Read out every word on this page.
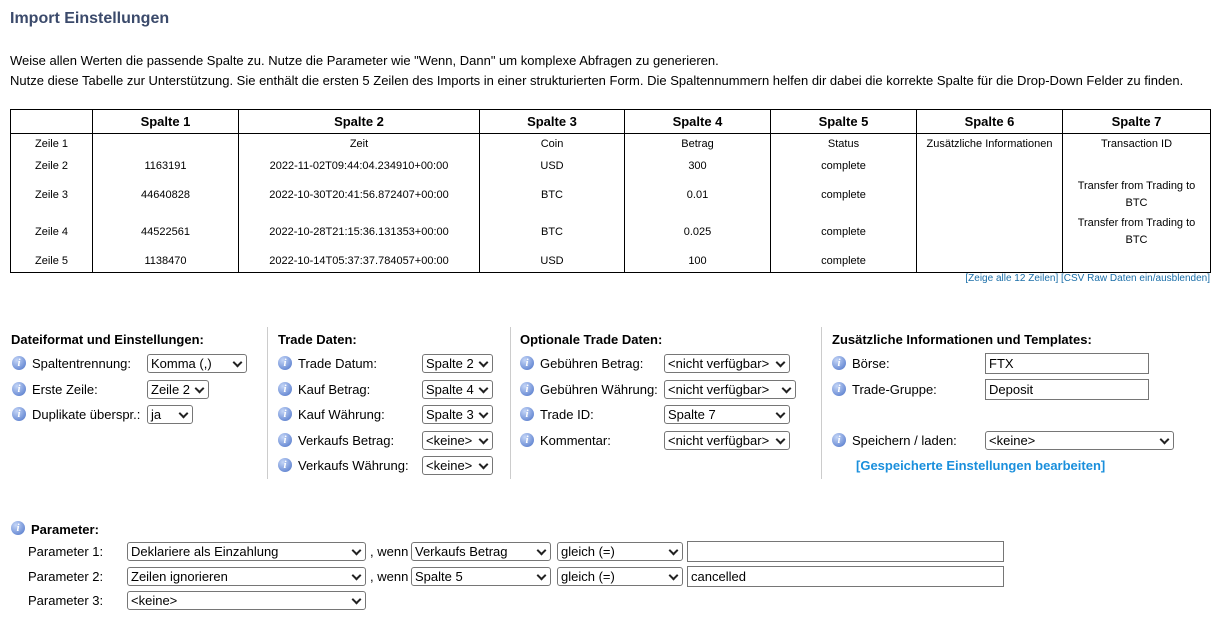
Import Einstellungen
Weise allen Werten die passende Spalte zu. Nutze die Parameter wie "Wenn, Dann" um komplexe Abfragen zu generieren.
Nutze diese Tabelle zur Unterstützung. Sie enthält die ersten 5 Zeilen des Imports in einer strukturierten Form. Die Spaltennummern helfen dir dabei die korrekte Spalte für die Drop-Down Felder zu finden.
	Spalte 1	Spalte 2	Spalte 3	Spalte 4	Spalte 5	Spalte 6	Spalte 7
Zeile 1		Zeit	Coin	Betrag	Status	Zusätzliche Informationen	Transaction ID
Zeile 2	1163191	2022-11-02T09:44:04.234910+00:00	USD	300	complete		
Zeile 3	44640828	2022-10-30T20:41:56.872407+00:00	BTC	0.01	complete		Transfer from Trading to BTC
Zeile 4	44522561	2022-10-28T21:15:36.131353+00:00	BTC	0.025	complete		Transfer from Trading to BTC
Zeile 5	1138470	2022-10-14T05:37:37.784057+00:00	USD	100	complete		
[Zeige alle 12 Zeilen] [CSV Raw Daten ein/ausblenden]
Dateiformat und Einstellungen:	Trade Daten:	Optionale Trade Daten:	Zusätzliche Informationen und Templates:
i Spaltentrennung:	Komma (,)
i Erste Zeile:	Zeile 2
i Duplikate überspr.: ja
i Trade Datum:	Spalte 2
i Kauf Betrag:	Spalte 4
i Kauf Währung:	Spalte 3
i Verkaufs Betrag:	<keine>
i Verkaufs Währung:	<keine>
i Gebühren Betrag:	<nicht verfügbar>
i Gebühren Währung: <nicht verfügbar>
i Trade ID:	Spalte 7
i Kommentar:	<nicht verfügbar>
i Börse:	FTX
i Trade-Gruppe:	Deposit
i Speichern / laden:	<keine>
[Gespeicherte Einstellungen bearbeiten]
i Parameter:
Parameter 1:	Deklariere als Einzahlung	, wenn Verkaufs Betrag	gleich (=)
Parameter 2:	Zeilen ignorieren	, wenn Spalte 5	gleich (=)	cancelled
Parameter 3:	<keine>
